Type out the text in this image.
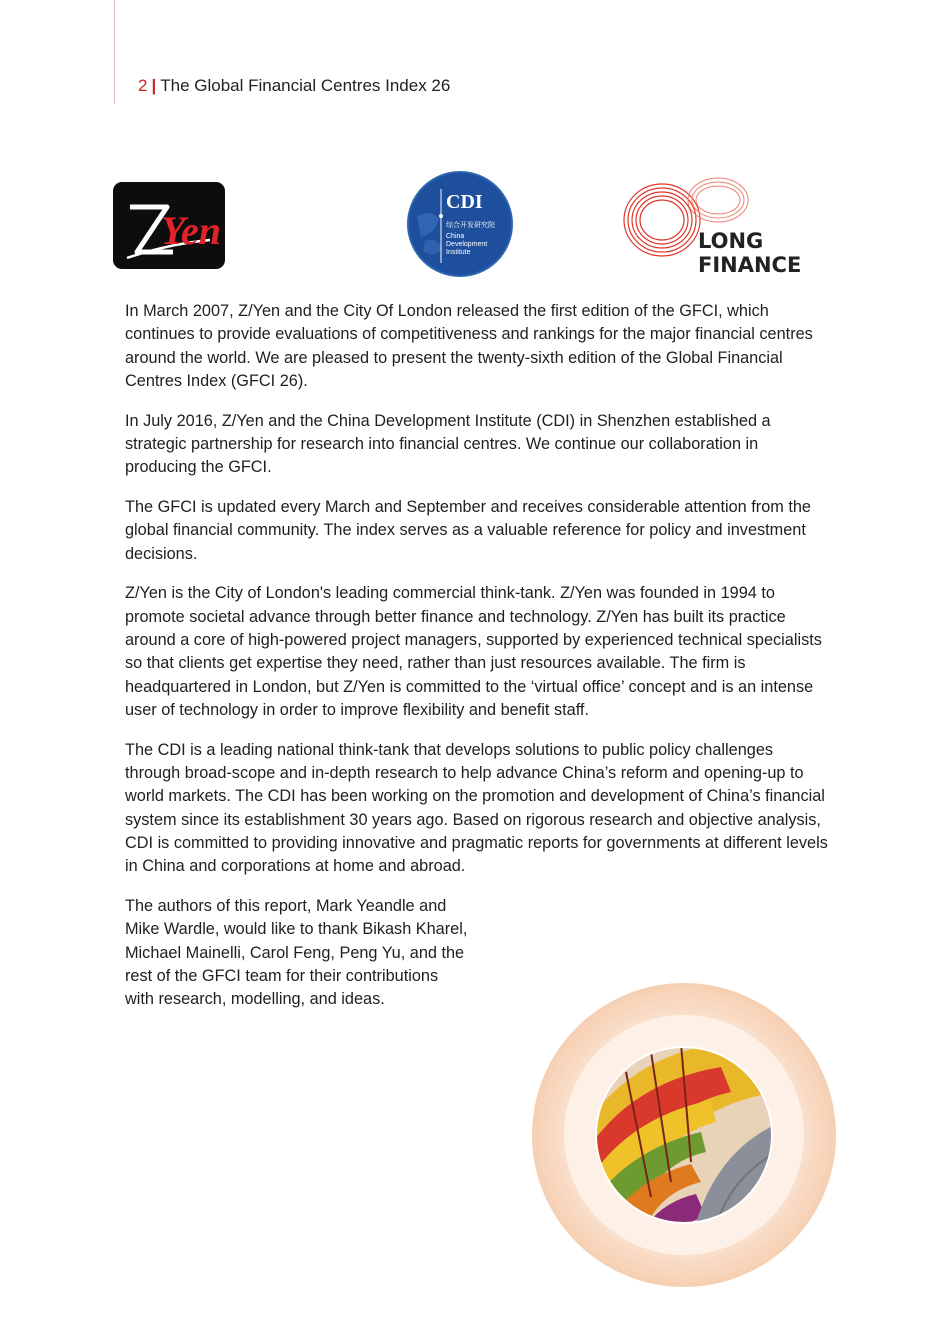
2 | The Global Financial Centres Index 26
Yen
CDI
综合开发研究院
China
Development
Institute	LONG
FINANCE

In March 2007, Z/Yen and the City Of London released the first edition of the GFCI, which continues to provide evaluations of competitiveness and rankings for the major financial centres around the world. We are pleased to present the twenty-sixth edition of the Global Financial Centres Index (GFCI 26).

In July 2016, Z/Yen and the China Development Institute (CDI) in Shenzhen established a strategic partnership for research into financial centres. We continue our collaboration in producing the GFCI.

The GFCI is updated every March and September and receives considerable attention from the global financial community. The index serves as a valuable reference for policy and investment decisions.

Z/Yen is the City of London's leading commercial think-tank. Z/Yen was founded in 1994 to promote societal advance through better finance and technology. Z/Yen has built its practice around a core of high-powered project managers, supported by experienced technical specialists so that clients get expertise they need, rather than just resources available. The firm is headquartered in London, but Z/Yen is committed to the ‘virtual office’ concept and is an intense user of technology in order to improve flexibility and benefit staff.

The CDI is a leading national think-tank that develops solutions to public policy challenges through broad-scope and in-depth research to help advance China’s reform and opening-up to world markets. The CDI has been working on the promotion and development of China’s financial system since its establishment 30 years ago. Based on rigorous research and objective analysis, CDI is committed to providing innovative and pragmatic reports for governments at different levels in China and corporations at home and abroad.

The authors of this report, Mark Yeandle and Mike Wardle, would like to thank Bikash Kharel, Michael Mainelli, Carol Feng, Peng Yu, and the rest of the GFCI team for their contributions with research, modelling, and ideas.
